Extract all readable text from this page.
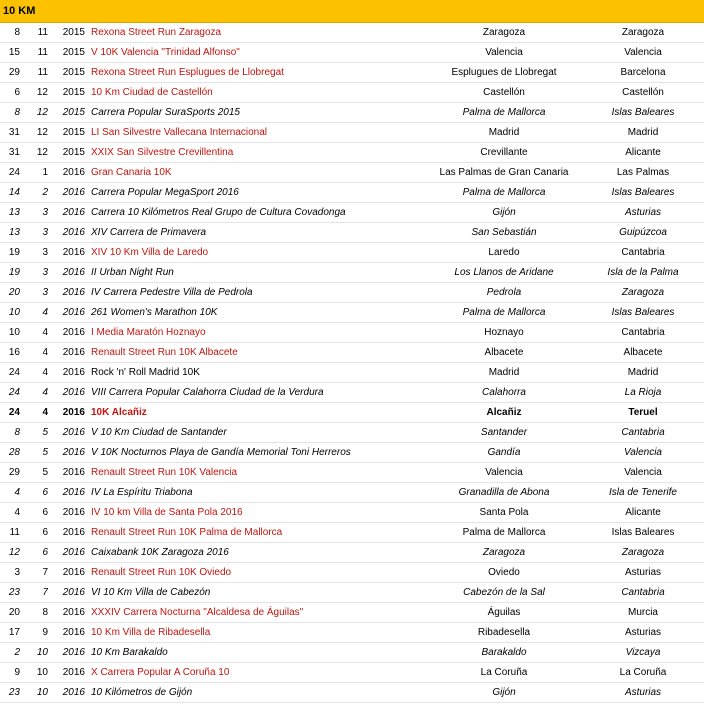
10 KM
8	11	2015	Rexona Street Run Zaragoza	Zaragoza	Zaragoza
15	11	2015	V 10K Valencia "Trinidad Alfonso"	Valencia	Valencia
29	11	2015	Rexona Street Run Esplugues de Llobregat	Esplugues de Llobregat	Barcelona
6	12	2015	10 Km Ciudad de Castellón	Castellón	Castellón
8	12	2015	Carrera Popular SuraSports 2015	Palma de Mallorca	Islas Baleares
31	12	2015	LI San Silvestre Vallecana Internacional	Madrid	Madrid
31	12	2015	XXIX San Silvestre Crevillentina	Crevillante	Alicante
24	1	2016	Gran Canaria 10K	Las Palmas de Gran Canaria	Las Palmas
14	2	2016	Carrera Popular MegaSport 2016	Palma de Mallorca	Islas Baleares
13	3	2016	Carrera 10 Kilómetros Real Grupo de Cultura Covadonga	Gijón	Asturias
13	3	2016	XIV Carrera de Primavera	San Sebastián	Guipúzcoa
19	3	2016	XIV 10 Km Villa de Laredo	Laredo	Cantabria
19	3	2016	II Urban Night Run	Los Llanos de Aridane	Isla de la Palma
20	3	2016	IV Carrera Pedestre Villa de Pedrola	Pedrola	Zaragoza
10	4	2016	261 Women's Marathon 10K	Palma de Mallorca	Islas Baleares
10	4	2016	I Media Maratón Hoznayo	Hoznayo	Cantabria
16	4	2016	Renault Street Run 10K Albacete	Albacete	Albacete
24	4	2016	Rock 'n' Roll Madrid 10K	Madrid	Madrid
24	4	2016	VIII Carrera Popular Calahorra Ciudad de la Verdura	Calahorra	La Rioja
24	4	2016	10K Alcañiz	Alcañiz	Teruel
8	5	2016	V 10 Km Ciudad de Santander	Santander	Cantabria
28	5	2016	V 10K Nocturnos Playa de Gandía Memorial Toni Herreros	Gandía	Valencia
29	5	2016	Renault Street Run 10K Valencia	Valencia	Valencia
4	6	2016	IV La Espíritu Triabona	Granadilla de Abona	Isla de Tenerife
4	6	2016	IV 10 km Villa de Santa Pola 2016	Santa Pola	Alicante
11	6	2016	Renault Street Run 10K Palma de Mallorca	Palma de Mallorca	Islas Baleares
12	6	2016	Caixabank 10K Zaragoza 2016	Zaragoza	Zaragoza
3	7	2016	Renault Street Run 10K Oviedo	Oviedo	Asturias
23	7	2016	VI 10 Km Villa de Cabezón	Cabezón de la Sal	Cantabria
20	8	2016	XXXIV Carrera Nocturna "Alcaldesa de Águilas"	Águilas	Murcia
17	9	2016	10 Km Villa de Ribadesella	Ribadesella	Asturias
2	10	2016	10 Km Barakaldo	Barakaldo	Vizcaya
9	10	2016	X Carrera Popular A Coruña 10	La Coruña	La Coruña
23	10	2016	10 Kilómetros de Gijón	Gijón	Asturias
